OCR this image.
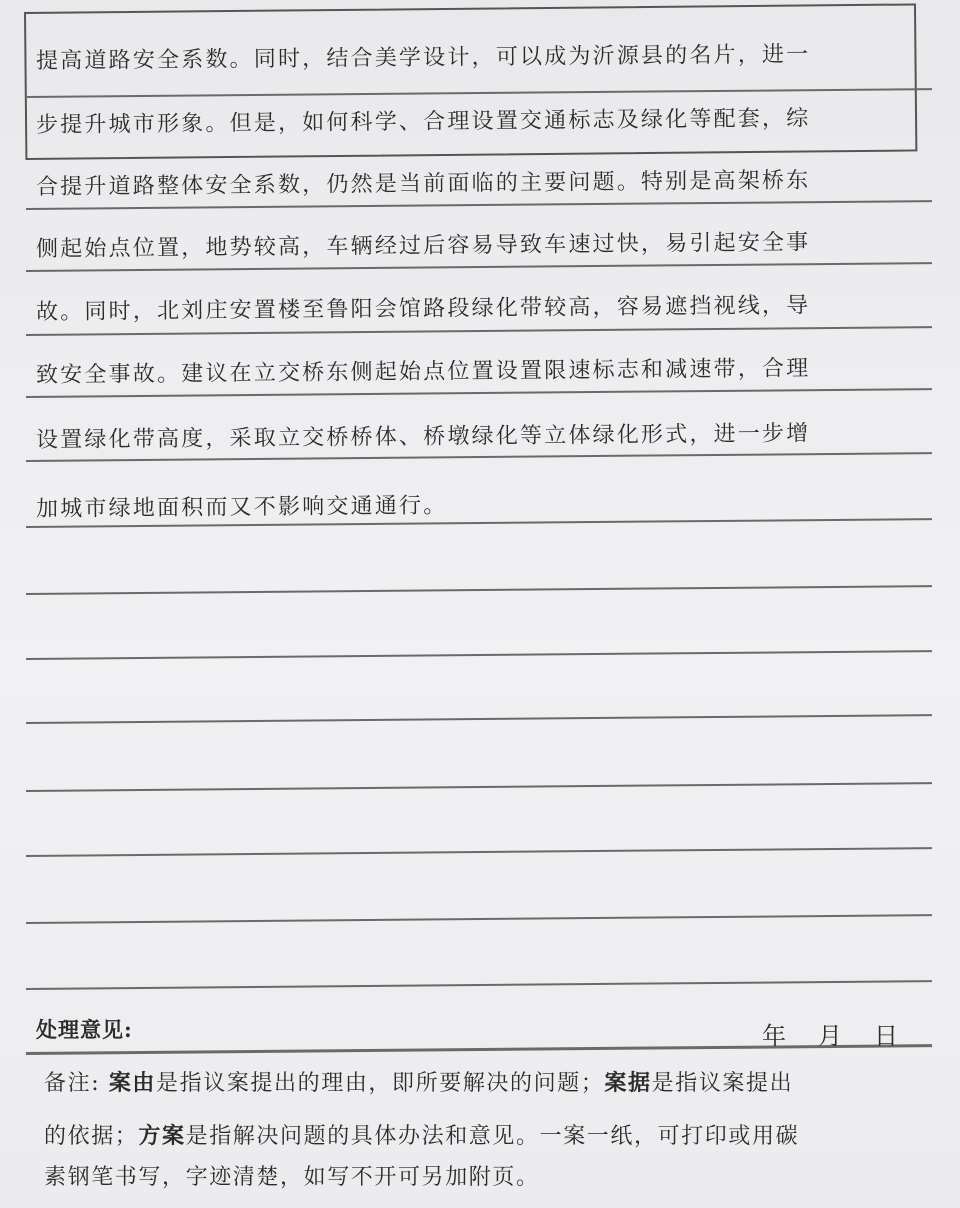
提高道路安全系数。同时，结合美学设计，可以成为沂源县的名片，进一
步提升城市形象。但是，如何科学、合理设置交通标志及绿化等配套，综
合提升道路整体安全系数，仍然是当前面临的主要问题。特别是高架桥东
侧起始点位置，地势较高，车辆经过后容易导致车速过快，易引起安全事
故。同时，北刘庄安置楼至鲁阳会馆路段绿化带较高，容易遮挡视线，导
致安全事故。建议在立交桥东侧起始点位置设置限速标志和减速带，合理
设置绿化带高度，采取立交桥桥体、桥墩绿化等立体绿化形式，进一步增
加城市绿地面积而又不影响交通通行。
处理意见:	年 月 日
备注: 案由是指议案提出的理由，即所要解决的问题；案据是指议案提出
的依据；方案是指解决问题的具体办法和意见。一案一纸，可打印或用碳
素钢笔书写，字迹清楚，如写不开可另加附页。
